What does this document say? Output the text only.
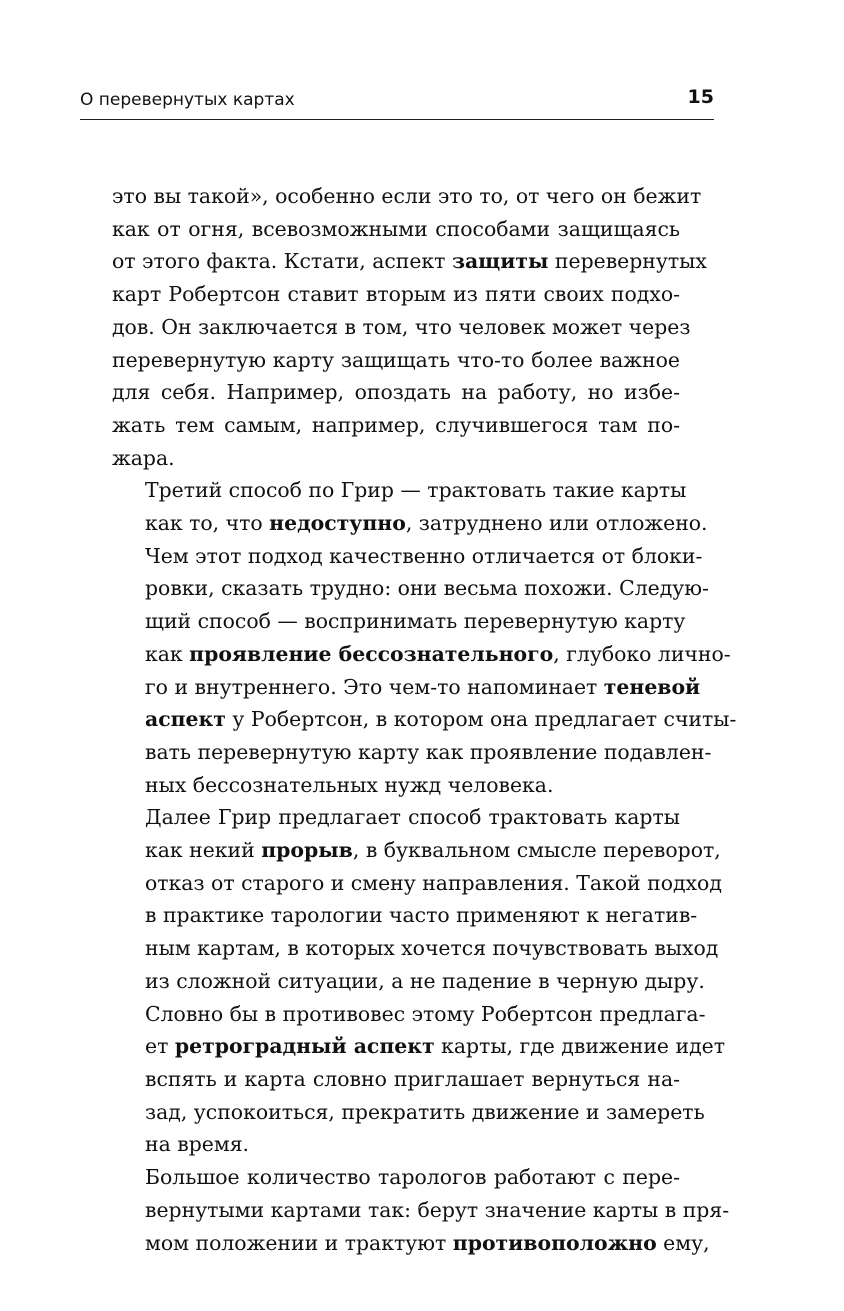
О перевернутых картах	15

это вы такой», особенно если это то, от чего он бежит
как от огня, всевозможными способами защищаясь
от этого факта. Кстати, аспект защиты перевернутых
карт Робертсон ставит вторым из пяти своих подхо-
дов. Он заключается в том, что человек может через
перевернутую карту защищать что-то более важное
для себя. Например, опоздать на работу, но избе-
жать тем самым, например, случившегося там по-
жара.

Третий способ по Грир — трактовать такие карты
как то, что недоступно, затруднено или отложено.
Чем этот подход качественно отличается от блоки-
ровки, сказать трудно: они весьма похожи. Следую-
щий способ — воспринимать перевернутую карту
как проявление бессознательного, глубоко лично-
го и внутреннего. Это чем-то напоминает теневой
аспект у Робертсон, в котором она предлагает считы-
вать перевернутую карту как проявление подавлен-
ных бессознательных нужд человека.

Далее Грир предлагает способ трактовать карты
как некий прорыв, в буквальном смысле переворот,
отказ от старого и смену направления. Такой подход
в практике тарологии часто применяют к негатив-
ным картам, в которых хочется почувствовать выход
из сложной ситуации, а не падение в черную дыру.
Словно бы в противовес этому Робертсон предлага-
ет ретроградный аспект карты, где движение идет
вспять и карта словно приглашает вернуться на-
зад, успокоиться, прекратить движение и замереть
на время.

Большое количество тарологов работают с пере-
вернутыми картами так: берут значение карты в пря-
мом положении и трактуют противоположно ему,
